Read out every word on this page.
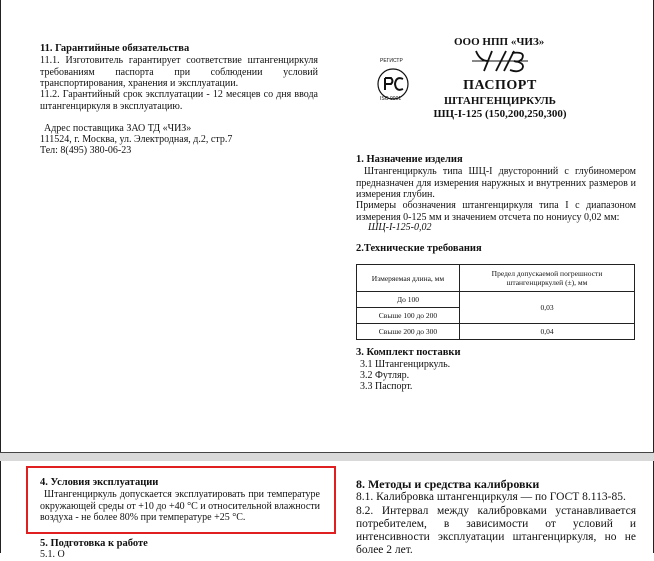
11. Гарантийные обязательства
11.1. Изготовитель гарантирует соответствие штангенциркуля требованиям паспорта при соблюдении условий транспортирования, хранения и эксплуатации.
11.2. Гарантийный срок эксплуатации - 12 месяцев со дня ввода штангенциркуля в эксплуатацию.
Адрес поставщика ЗАО ТД «ЧИЗ»
111524, г. Москва, ул. Электродная, д.2, стр.7
Тел: 8(495) 380-06-23
ООО НПП «ЧИЗ»
РЕГИСТР
ISO 9001
ПАСПОРТ
ШТАНГЕНЦИРКУЛЬ
ШЦ-I-125 (150,200,250,300)
1. Назначение изделия
Штангенциркуль типа ШЦ-I двусторонний с глубиномером предназначен для измерения наружных и внутренних размеров и измерения глубин.
Примеры обозначения штангенциркуля типа I с диапазоном измерения 0-125 мм и значением отсчета по нониусу 0,02 мм:
ШЦ-I-125-0,02
2.Технические требования
Измеряемая длина, мм	Предел допускаемой погрешности штангенциркулей (±), мм
До 100	0,03
Свыше 100 до 200	
Свыше 200 до 300	0,04
3. Комплект поставки
3.1 Штангенциркуль.
3.2 Футляр.
3.3 Паспорт.
4. Условия эксплуатации
Штангенциркуль допускается эксплуатировать при температуре окружающей среды от +10 до +40 °С и относительной влажности воздуха - не более 80% при температуре +25 °С.
5. Подготовка к работе
5.1. О
8. Методы и средства калибровки
8.1. Калибровка штангенциркуля — по ГОСТ 8.113-85.
8.2. Интервал между калибровками устанавливается потребителем, в зависимости от условий и интенсивности эксплуатации штангенциркуля, но не более 2 лет.
